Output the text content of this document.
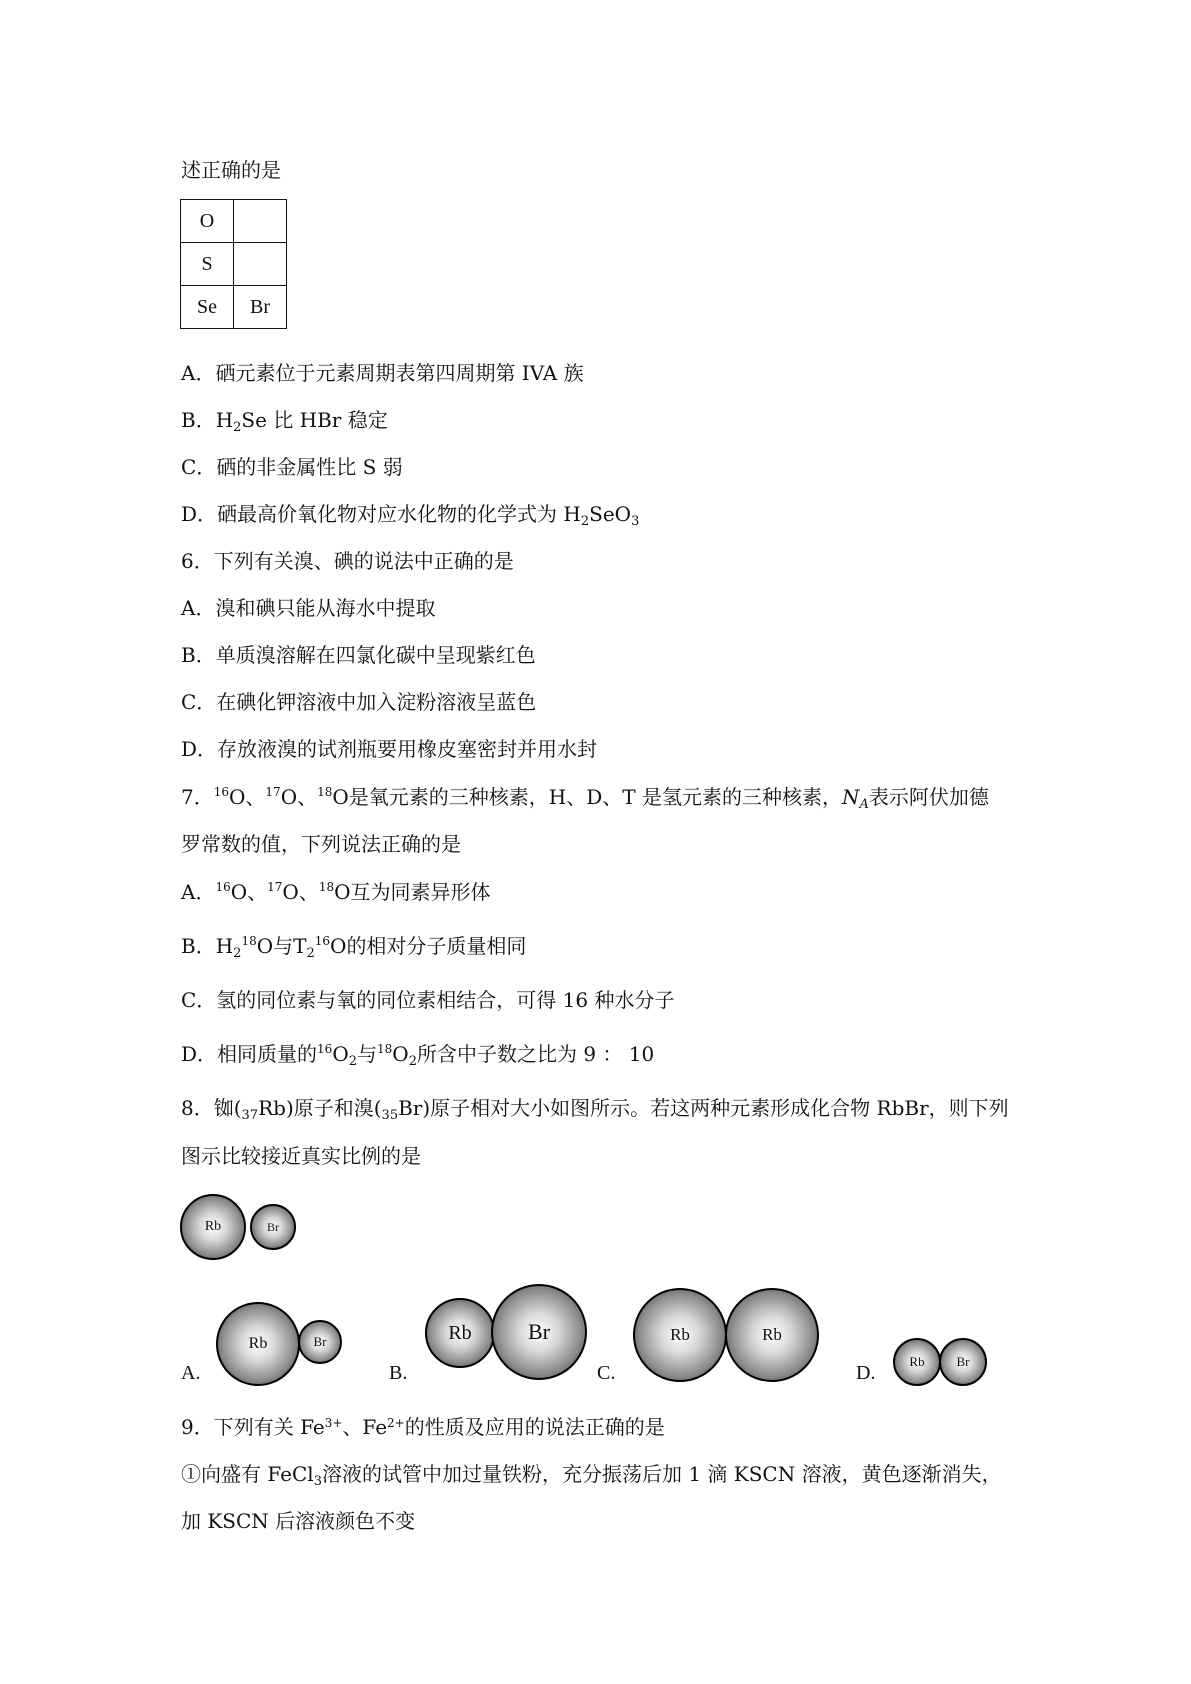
述正确的是
O	
S	
Se	Br
A．硒元素位于元素周期表第四周期第 IVA 族
B．$H_2Se$ 比 HBr 稳定
C．硒的非金属性比 S 弱
D．硒最高价氧化物对应水化物的化学式为 $H_2SeO_3$
6．下列有关溴、碘的说法中正确的是
A．溴和碘只能从海水中提取
B．单质溴溶解在四氯化碳中呈现紫红色
C．在碘化钾溶液中加入淀粉溶液呈蓝色
D．存放液溴的试剂瓶要用橡皮塞密封并用水封
7．$^{16}$O、$^{17}$O、$^{18}$O是氧元素的三种核素，H、D、T 是氢元素的三种核素，$N_A$表示阿伏加德
罗常数的值，下列说法正确的是
A．$^{16}$O、$^{17}$O、$^{18}$O互为同素异形体
B．$H_2^{18}O$与$T_2^{16}O$的相对分子质量相同
C．氢的同位素与氧的同位素相结合，可得 16 种水分子
D．相同质量的$^{16}O_2$与$^{18}O_2$所含中子数之比为 9 ： 10
8．铷$(_{37}Rb)$原子和溴$(_{35}Br)$原子相对大小如图所示。若这两种元素形成化合物 RbBr，则下列
图示比较接近真实比例的是
Rb	Br
A.
Rb	Br
B.
Rb	Br
C.
Rb	Rb
D.
Rb	Br
9．下列有关 $Fe^{3+}$、$Fe^{2+}$的性质及应用的说法正确的是
①向盛有 FeCl$_3$溶液的试管中加过量铁粉，充分振荡后加 1 滴 KSCN 溶液，黄色逐渐消失，
加 KSCN 后溶液颜色不变
